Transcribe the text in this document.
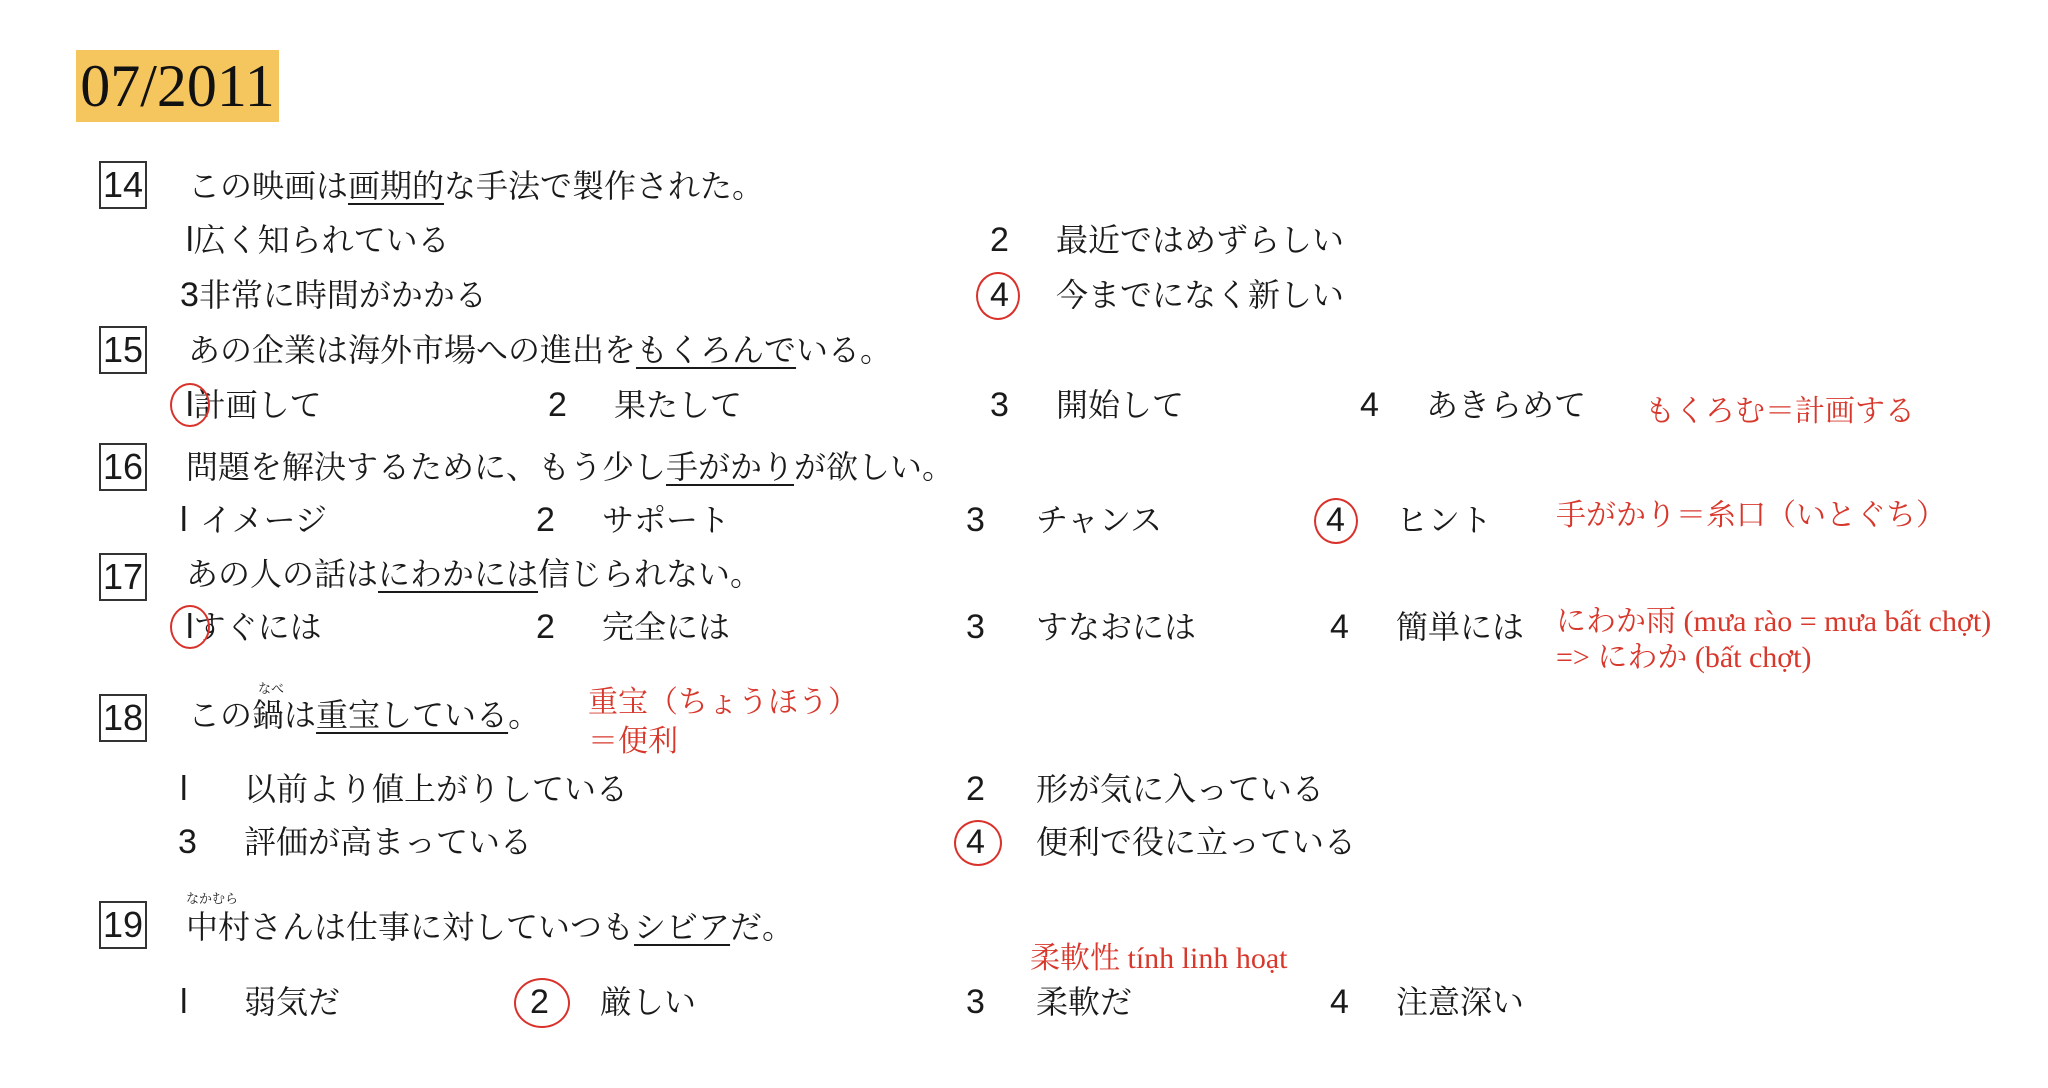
07/2011
14 この映画は画期的な手法で製作された。
l広く知られている	2 最近ではめずらしい
3非常に時間がかかる	4 今までになく新しい
15 あの企業は海外市場への進出をもくろんでいる。
l計画して	2 果たして	3 開始して	4 あきらめて もくろむ＝計画する
16 問題を解決するために、もう少し手がかりが欲しい。
l イメージ	2 サポート	3 チャンス	4 ヒント 手がかり＝糸口（いとぐち）
17 あの人の話はにわかには信じられない。
lすぐには	2 完全には	3 すなおには	4 簡単には にわか雨 (mưa rào = mưa bất chợt)
=> にわか (bất chợt)
18
なべ
この鍋は重宝している。 重宝（ちょうほう）
＝便利
l 以前より値上がりしている	2 形が気に入っている
3 評価が高まっている	4 便利で役に立っている
19
なかむら
中村さんは仕事に対していつもシビアだ。
柔軟性 tính linh hoạt
l 弱気だ	2 厳しい	3 柔軟だ	4 注意深い
